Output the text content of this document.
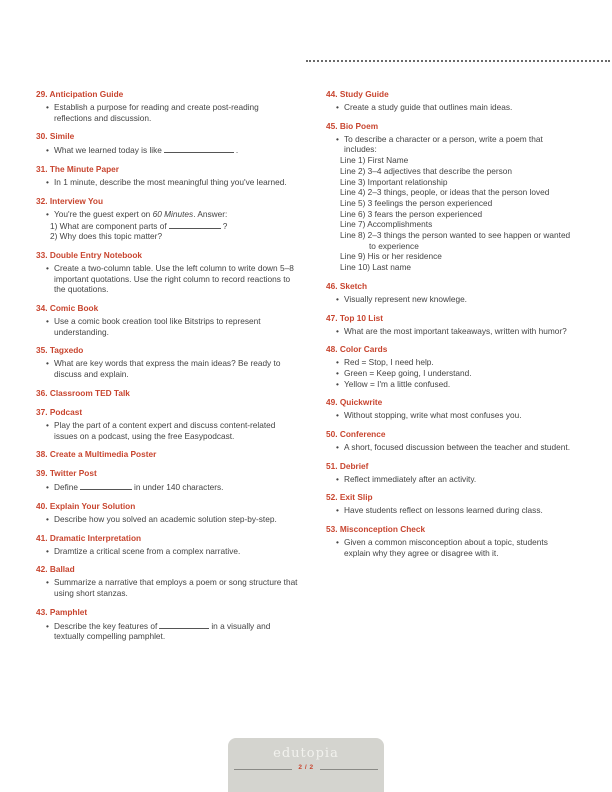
29. Anticipation Guide
• Establish a purpose for reading and create post-reading reflections and discussion.
30. Simile
• What we learned today is like	.
31. The Minute Paper
• In 1 minute, describe the most meaningful thing you've learned.
32. Interview You
• You're the guest expert on 60 Minutes. Answer:
1) What are component parts of	?
2) Why does this topic matter?
33. Double Entry Notebook
• Create a two-column table. Use the left column to write down 5–8 important quotations. Use the right column to record reactions to the quotations.
34. Comic Book
• Use a comic book creation tool like Bitstrips to represent understanding.
35. Tagxedo
• What are key words that express the main ideas? Be ready to discuss and explain.
36. Classroom TED Talk
37. Podcast
• Play the part of a content expert and discuss content-related issues on a podcast, using the free Easypodcast.
38. Create a Multimedia Poster
39. Twitter Post
• Define	in under 140 characters.
40. Explain Your Solution
• Describe how you solved an academic solution step-by-step.
41. Dramatic Interpretation
• Dramtize a critical scene from a complex narrative.
42. Ballad
• Summarize a narrative that employs a poem or song structure that using short stanzas.
43. Pamphlet
• Describe the key features of	in a visually and textually compelling pamphlet.
44. Study Guide
• Create a study guide that outlines main ideas.
45. Bio Poem
• To describe a character or a person, write a poem that includes:
Line 1) First Name
Line 2) 3–4 adjectives that describe the person
Line 3) Important relationship
Line 4) 2–3 things, people, or ideas that the person loved
Line 5) 3 feelings the person experienced
Line 6) 3 fears the person experienced
Line 7) Accomplishments
Line 8) 2–3 things the person wanted to see happen or wanted to experience
Line 9) His or her residence
Line 10) Last name
46. Sketch
• Visually represent new knowlege.
47. Top 10 List
• What are the most important takeaways, written with humor?
48. Color Cards
• Red = Stop, I need help.
• Green = Keep going, I understand.
• Yellow = I'm a little confused.
49. Quickwrite
• Without stopping, write what most confuses you.
50. Conference
• A short, focused discussion between the teacher and student.
51. Debrief
• Reflect immediately after an activity.
52. Exit Slip
• Have students reflect on lessons learned during class.
53. Misconception Check
• Given a common misconception about a topic, students explain why they agree or disagree with it.
edutopia
2 / 2
